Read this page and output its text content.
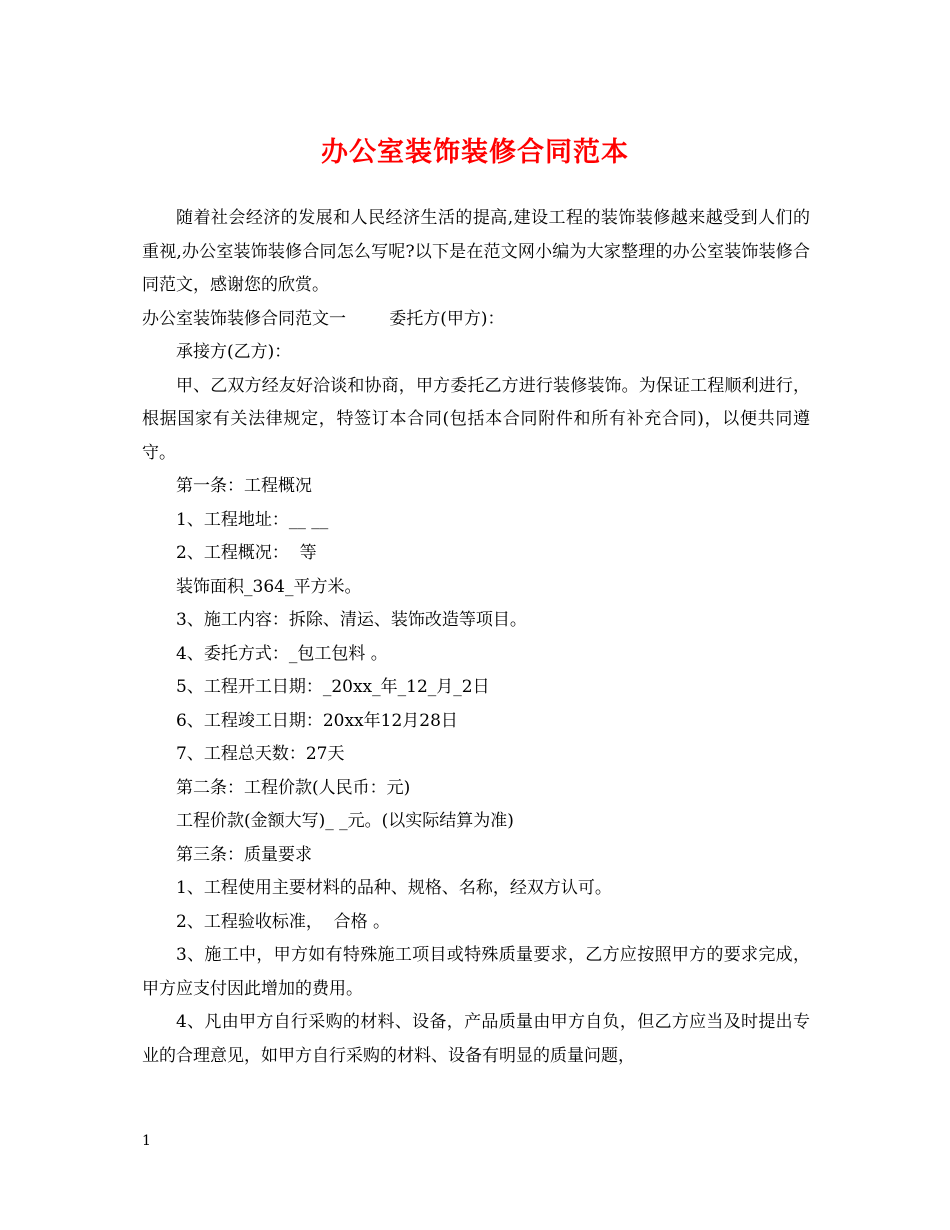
办公室装饰装修合同范本

随着社会经济的发展和人民经济生活的提高,建设工程的装饰装修越来越受到人们的重视,办公室装饰装修合同怎么写呢?以下是在范文网小编为大家整理的办公室装饰装修合同范文，感谢您的欣赏。

办公室装饰装修合同范文一        委托方(甲方)：

承接方(乙方)：

甲、乙双方经友好洽谈和协商，甲方委托乙方进行装修装饰。为保证工程顺利进行，根据国家有关法律规定，特签订本合同(包括本合同附件和所有补充合同)，以便共同遵守。

第一条：工程概况

1、工程地址：__ __

2、工程概况：  等

装饰面积_364_平方米。

3、施工内容：拆除、清运、装饰改造等项目。

4、委托方式：_包工包料 。

5、工程开工日期：_20xx_年_12_月_2日

6、工程竣工日期：20xx年12月28日

7、工程总天数：27天

第二条：工程价款(人民币：元)

工程价款(金额大写)_ _元。(以实际结算为准)

第三条：质量要求

1、工程使用主要材料的品种、规格、名称，经双方认可。

2、工程验收标准，  合格 。

3、施工中，甲方如有特殊施工项目或特殊质量要求，乙方应按照甲方的要求完成，甲方应支付因此增加的费用。

4、凡由甲方自行采购的材料、设备，产品质量由甲方自负，但乙方应当及时提出专业的合理意见，如甲方自行采购的材料、设备有明显的质量问题，

1
